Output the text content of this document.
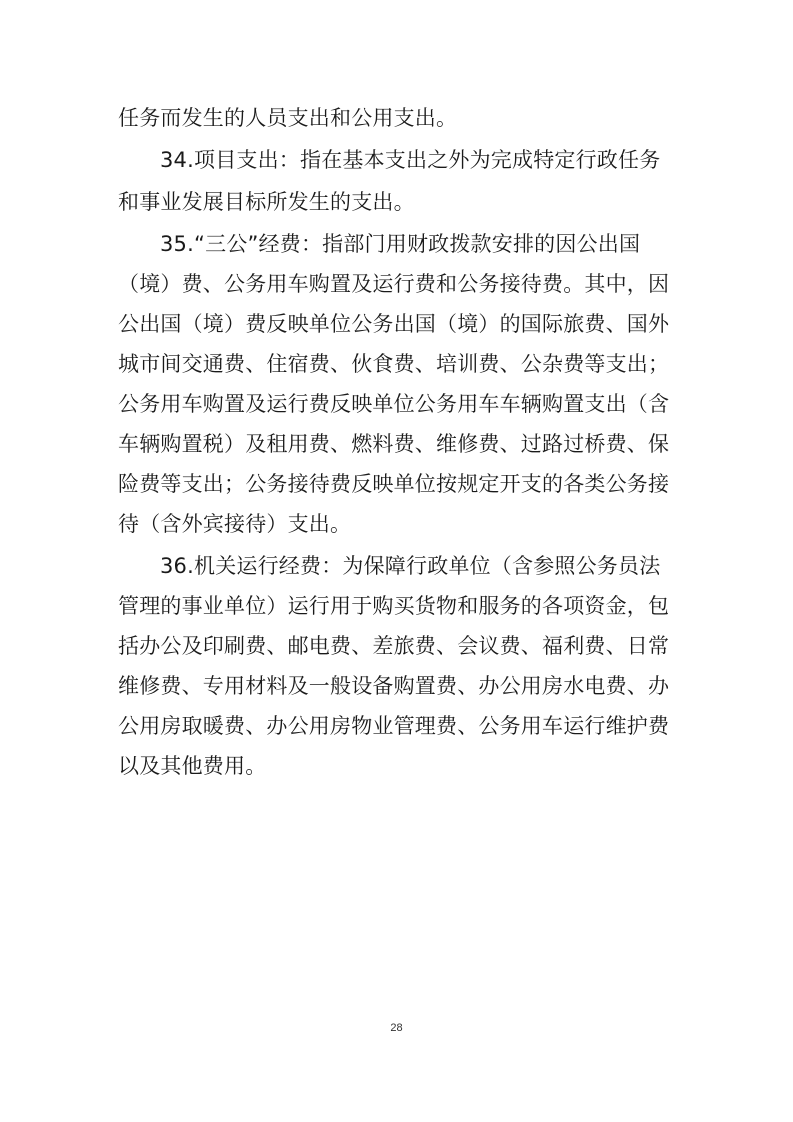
任务而发生的人员支出和公用支出。
34.项目支出：指在基本支出之外为完成特定行政任务
和事业发展目标所发生的支出。
35.“三公”经费：指部门用财政拨款安排的因公出国
（境）费、公务用车购置及运行费和公务接待费。其中，因
公出国（境）费反映单位公务出国（境）的国际旅费、国外
城市间交通费、住宿费、伙食费、培训费、公杂费等支出；
公务用车购置及运行费反映单位公务用车车辆购置支出（含
车辆购置税）及租用费、燃料费、维修费、过路过桥费、保
险费等支出；公务接待费反映单位按规定开支的各类公务接
待（含外宾接待）支出。
36.机关运行经费：为保障行政单位（含参照公务员法
管理的事业单位）运行用于购买货物和服务的各项资金，包
括办公及印刷费、邮电费、差旅费、会议费、福利费、日常
维修费、专用材料及一般设备购置费、办公用房水电费、办
公用房取暖费、办公用房物业管理费、公务用车运行维护费
以及其他费用。
28
